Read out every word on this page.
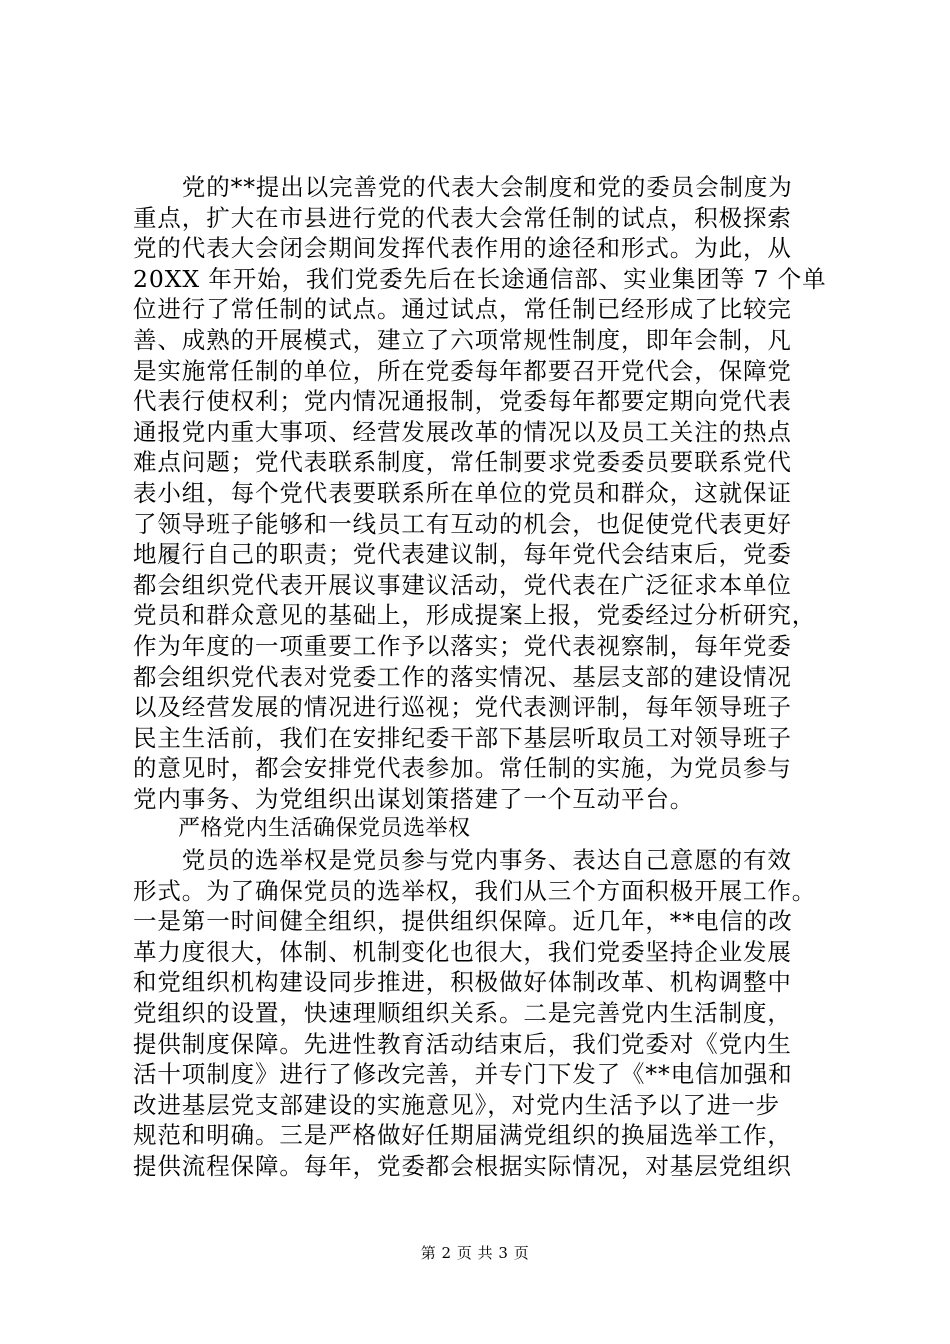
　　党的**提出以完善党的代表大会制度和党的委员会制度为
重点，扩大在市县进行党的代表大会常任制的试点，积极探索
党的代表大会闭会期间发挥代表作用的途径和形式。为此，从
20XX 年开始，我们党委先后在长途通信部、实业集团等 7 个单
位进行了常任制的试点。通过试点，常任制已经形成了比较完
善、成熟的开展模式，建立了六项常规性制度，即年会制，凡
是实施常任制的单位，所在党委每年都要召开党代会，保障党
代表行使权利；党内情况通报制，党委每年都要定期向党代表
通报党内重大事项、经营发展改革的情况以及员工关注的热点
难点问题；党代表联系制度，常任制要求党委委员要联系党代
表小组，每个党代表要联系所在单位的党员和群众，这就保证
了领导班子能够和一线员工有互动的机会，也促使党代表更好
地履行自己的职责；党代表建议制，每年党代会结束后，党委
都会组织党代表开展议事建议活动，党代表在广泛征求本单位
党员和群众意见的基础上，形成提案上报，党委经过分析研究，
作为年度的一项重要工作予以落实；党代表视察制，每年党委
都会组织党代表对党委工作的落实情况、基层支部的建设情况
以及经营发展的情况进行巡视；党代表测评制，每年领导班子
民主生活前，我们在安排纪委干部下基层听取员工对领导班子
的意见时，都会安排党代表参加。常任制的实施，为党员参与
党内事务、为党组织出谋划策搭建了一个互动平台。
　　严格党内生活确保党员选举权
　　党员的选举权是党员参与党内事务、表达自己意愿的有效
形式。为了确保党员的选举权，我们从三个方面积极开展工作。
一是第一时间健全组织，提供组织保障。近几年，**电信的改
革力度很大，体制、机制变化也很大，我们党委坚持企业发展
和党组织机构建设同步推进，积极做好体制改革、机构调整中
党组织的设置，快速理顺组织关系。二是完善党内生活制度，
提供制度保障。先进性教育活动结束后，我们党委对《党内生
活十项制度》进行了修改完善，并专门下发了《**电信加强和
改进基层党支部建设的实施意见》，对党内生活予以了进一步
规范和明确。三是严格做好任期届满党组织的换届选举工作，
提供流程保障。每年，党委都会根据实际情况，对基层党组织
第 2 页 共 3 页
